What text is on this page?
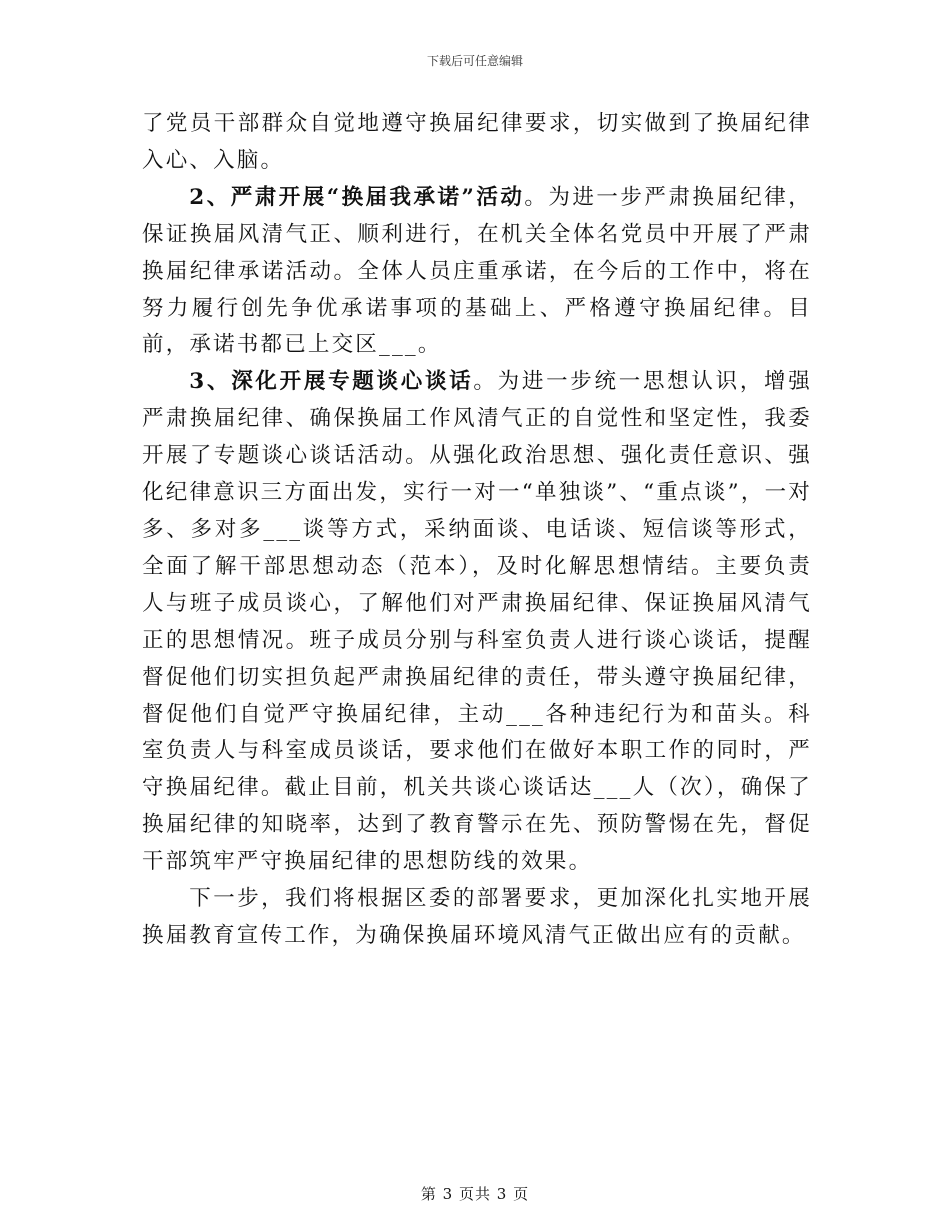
下载后可任意编辑

了党员干部群众自觉地遵守换届纪律要求，切实做到了换届纪律入心、入脑。

2、严肃开展“换届我承诺”活动。为进一步严肃换届纪律，保证换届风清气正、顺利进行，在机关全体名党员中开展了严肃换届纪律承诺活动。全体人员庄重承诺，在今后的工作中，将在努力履行创先争优承诺事项的基础上、严格遵守换届纪律。目前，承诺书都已上交区___。

3、深化开展专题谈心谈话。为进一步统一思想认识，增强严肃换届纪律、确保换届工作风清气正的自觉性和坚定性，我委开展了专题谈心谈话活动。从强化政治思想、强化责任意识、强化纪律意识三方面出发，实行一对一“单独谈”、“重点谈”，一对多、多对多___谈等方式，采纳面谈、电话谈、短信谈等形式，全面了解干部思想动态（范本），及时化解思想情结。主要负责人与班子成员谈心，了解他们对严肃换届纪律、保证换届风清气正的思想情况。班子成员分别与科室负责人进行谈心谈话，提醒督促他们切实担负起严肃换届纪律的责任，带头遵守换届纪律，督促他们自觉严守换届纪律，主动___各种违纪行为和苗头。科室负责人与科室成员谈话，要求他们在做好本职工作的同时，严守换届纪律。截止目前，机关共谈心谈话达___人（次），确保了换届纪律的知晓率，达到了教育警示在先、预防警惕在先，督促干部筑牢严守换届纪律的思想防线的效果。

下一步，我们将根据区委的部署要求，更加深化扎实地开展换届教育宣传工作，为确保换届环境风清气正做出应有的贡献。

第 3 页共 3 页
